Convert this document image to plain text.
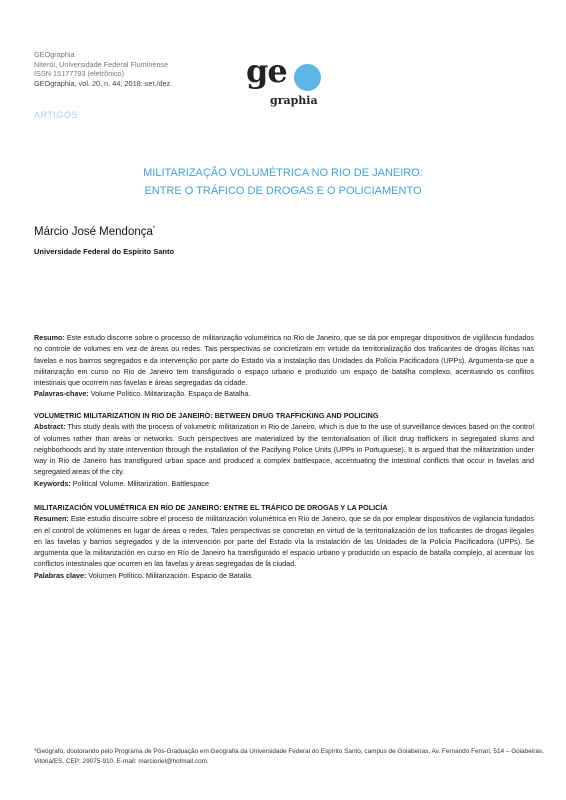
GEOgraphia
Niterói, Universidade Federal Fluminense
ISSN 15177793 (eletrônico)
GEOgraphia, vol. 20, n. 44, 2018: set./dez.
.
ge
graphia
ARTIGOS
MILITARIZAÇÃO VOLUMÉTRICA NO RIO DE JANEIRO:
ENTRE O TRÁFICO DE DROGAS E O POLICIAMENTO
Márcio José Mendonça*
Universidade Federal do Espírito Santo
Resumo: Este estudo discorre sobre o processo de militarização volumétrica no Rio de Janeiro, que se dá por empregar dispositivos de vigilância fundados no controle de volumes em vez de áreas ou redes. Tais perspectivas se concretizam em virtude da territorialização dos traficantes de drogas ilícitas nas favelas e nos bairros segregados e da intervenção por parte do Estado via a instalação das Unidades da Polícia Pacificadora (UPPs). Argumenta-se que a militarização em curso no Rio de Janeiro tem transfigurado o espaço urbano e produzido um espaço de batalha complexo, acentuando os conflitos intestinais que ocorrem nas favelas e áreas segregadas da cidade.
Palavras-chave: Volume Político. Militarização. Espaço de Batalha.
VOLUMETRIC MILITARIZATION IN RIO DE JANEIRO: BETWEEN DRUG TRAFFICKING AND POLICING
Abstract: This study deals with the process of volumetric militarization in Rio de Janeiro, which is due to the use of surveillance devices based on the control of volumes rather than areas or networks. Such perspectives are materialized by the territorialisation of illicit drug traffickers in segregated slums and neighborhoods and by state intervention through the installation of the Pacifying Police Units (UPPs in Portuguese). It is argued that the militarization under way in Rio de Janeiro has transfigured urban space and produced a complex battlespace, accentuating the intestinal conflicts that occur in favelas and segregated areas of the city.
Keywords: Political Volume. Militarization. Battlespace
MILITARIZACIÓN VOLUMÉTRICA EN RÍO DE JANEIRO: ENTRE EL TRÁFICO DE DROGAS Y LA POLICÍA
Resumen: Este estudio discurre sobre el proceso de militarización volumétrica en Río de Janeiro, que se da por emplear dispositivos de vigilancia fundados en el control de volúmenes en lugar de áreas o redes. Tales perspectivas se concretan en virtud de la territorialización de los traficantes de drogas ilegales en las favelas y barrios segregados y de la intervención por parte del Estado vía la instalación de las Unidades de la Policía Pacificadora (UPPs). Se argumenta que la militarización en curso en Río de Janeiro ha transfigurado el espacio urbano y producido un espacio de batalla complejo, al acentuar los conflictos intestinales que ocurren en las favelas y áreas segregadas de la ciudad.
Palabras clave: Volumen Político. Militarización. Espacio de Batalla.
*Geógrafo, doutorando pelo Programa de Pós-Graduação em Geografia da Universidade Federal do Espírito Santo, campus de Goiabeiras, Av. Fernando Ferrari, 514 – Goiabeiras, Vitória/ES, CEP: 29075-910. E-mail: marcioriel@hotmail.com.
